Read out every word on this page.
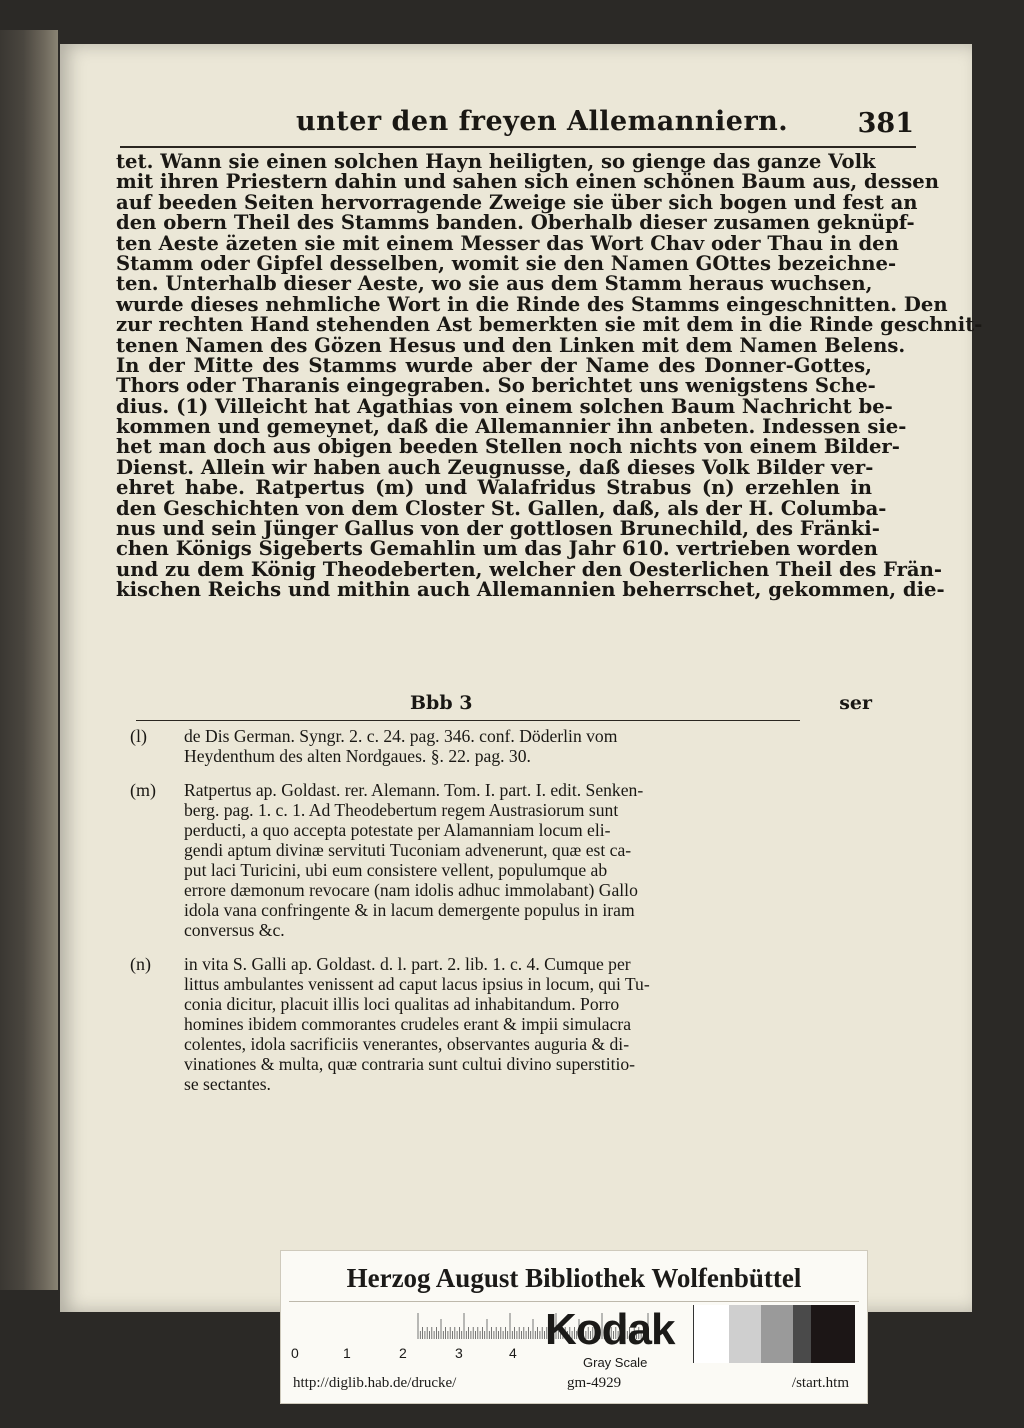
unter den freyen Allemanniern.	381
tet. Wann sie einen solchen Hayn heiligten, so gienge das ganze Volk
mit ihren Priestern dahin und sahen sich einen schönen Baum aus, dessen
auf beeden Seiten hervorragende Zweige sie über sich bogen und fest an
den obern Theil des Stamms banden. Oberhalb dieser zusamen geknüpf-
ten Aeste äzeten sie mit einem Messer das Wort Chav oder Thau in den
Stamm oder Gipfel desselben, womit sie den Namen GOttes bezeichne-
ten. Unterhalb dieser Aeste, wo sie aus dem Stamm heraus wuchsen,
wurde dieses nehmliche Wort in die Rinde des Stamms eingeschnitten. Den
zur rechten Hand stehenden Ast bemerkten sie mit dem in die Rinde geschnit-
tenen Namen des Gözen Hesus und den Linken mit dem Namen Belens.
In der Mitte des Stamms wurde aber der Name des Donner-Gottes,
Thors oder Tharanis eingegraben. So berichtet uns wenigstens Sche-
dius. (1) Villeicht hat Agathias von einem solchen Baum Nachricht be-
kommen und gemeynet, daß die Allemannier ihn anbeten. Indessen sie-
het man doch aus obigen beeden Stellen noch nichts von einem Bilder-
Dienst. Allein wir haben auch Zeugnusse, daß dieses Volk Bilder ver-
ehret habe. Ratpertus (m) und Walafridus Strabus (n) erzehlen in
den Geschichten von dem Closter St. Gallen, daß, als der H. Columba-
nus und sein Jünger Gallus von der gottlosen Brunechild, des Fränki-
chen Königs Sigeberts Gemahlin um das Jahr 610. vertrieben worden
und zu dem König Theodeberten, welcher den Oesterlichen Theil des Frän-
kischen Reichs und mithin auch Allemannien beherrschet, gekommen, die-
Bbb 3	ser
(l) de Dis German. Syngr. 2. c. 24. pag. 346. conf. Döderlin vom
Heydenthum des alten Nordgaues. §. 22. pag. 30.
(m) Ratpertus ap. Goldast. rer. Alemann. Tom. I. part. I. edit. Senken-
berg. pag. 1. c. 1. Ad Theodebertum regem Austrasiorum sunt
perducti, a quo accepta potestate per Alamanniam locum eli-
gendi aptum divinæ servituti Tuconiam advenerunt, quæ est ca-
put laci Turicini, ubi eum consistere vellent, populumque ab
errore dæmonum revocare (nam idolis adhuc immolabant) Gallo
idola vana confringente & in lacum demergente populus in iram
conversus &c.
(n) in vita S. Galli ap. Goldast. d. l. part. 2. lib. 1. c. 4. Cumque per
littus ambulantes venissent ad caput lacus ipsius in locum, qui Tu-
conia dicitur, placuit illis loci qualitas ad inhabitandum. Porro
homines ibidem commorantes crudeles erant & impii simulacra
colentes, idola sacrificiis venerantes, observantes auguria & di-
vinationes & multa, quæ contraria sunt cultui divino superstitio-
se sectantes.
Herzog August Bibliothek Wolfenbüttel
0	1	2	3	4 Kodak
Gray Scale
http://diglib.hab.de/drucke/	gm-4929	/start.htm
